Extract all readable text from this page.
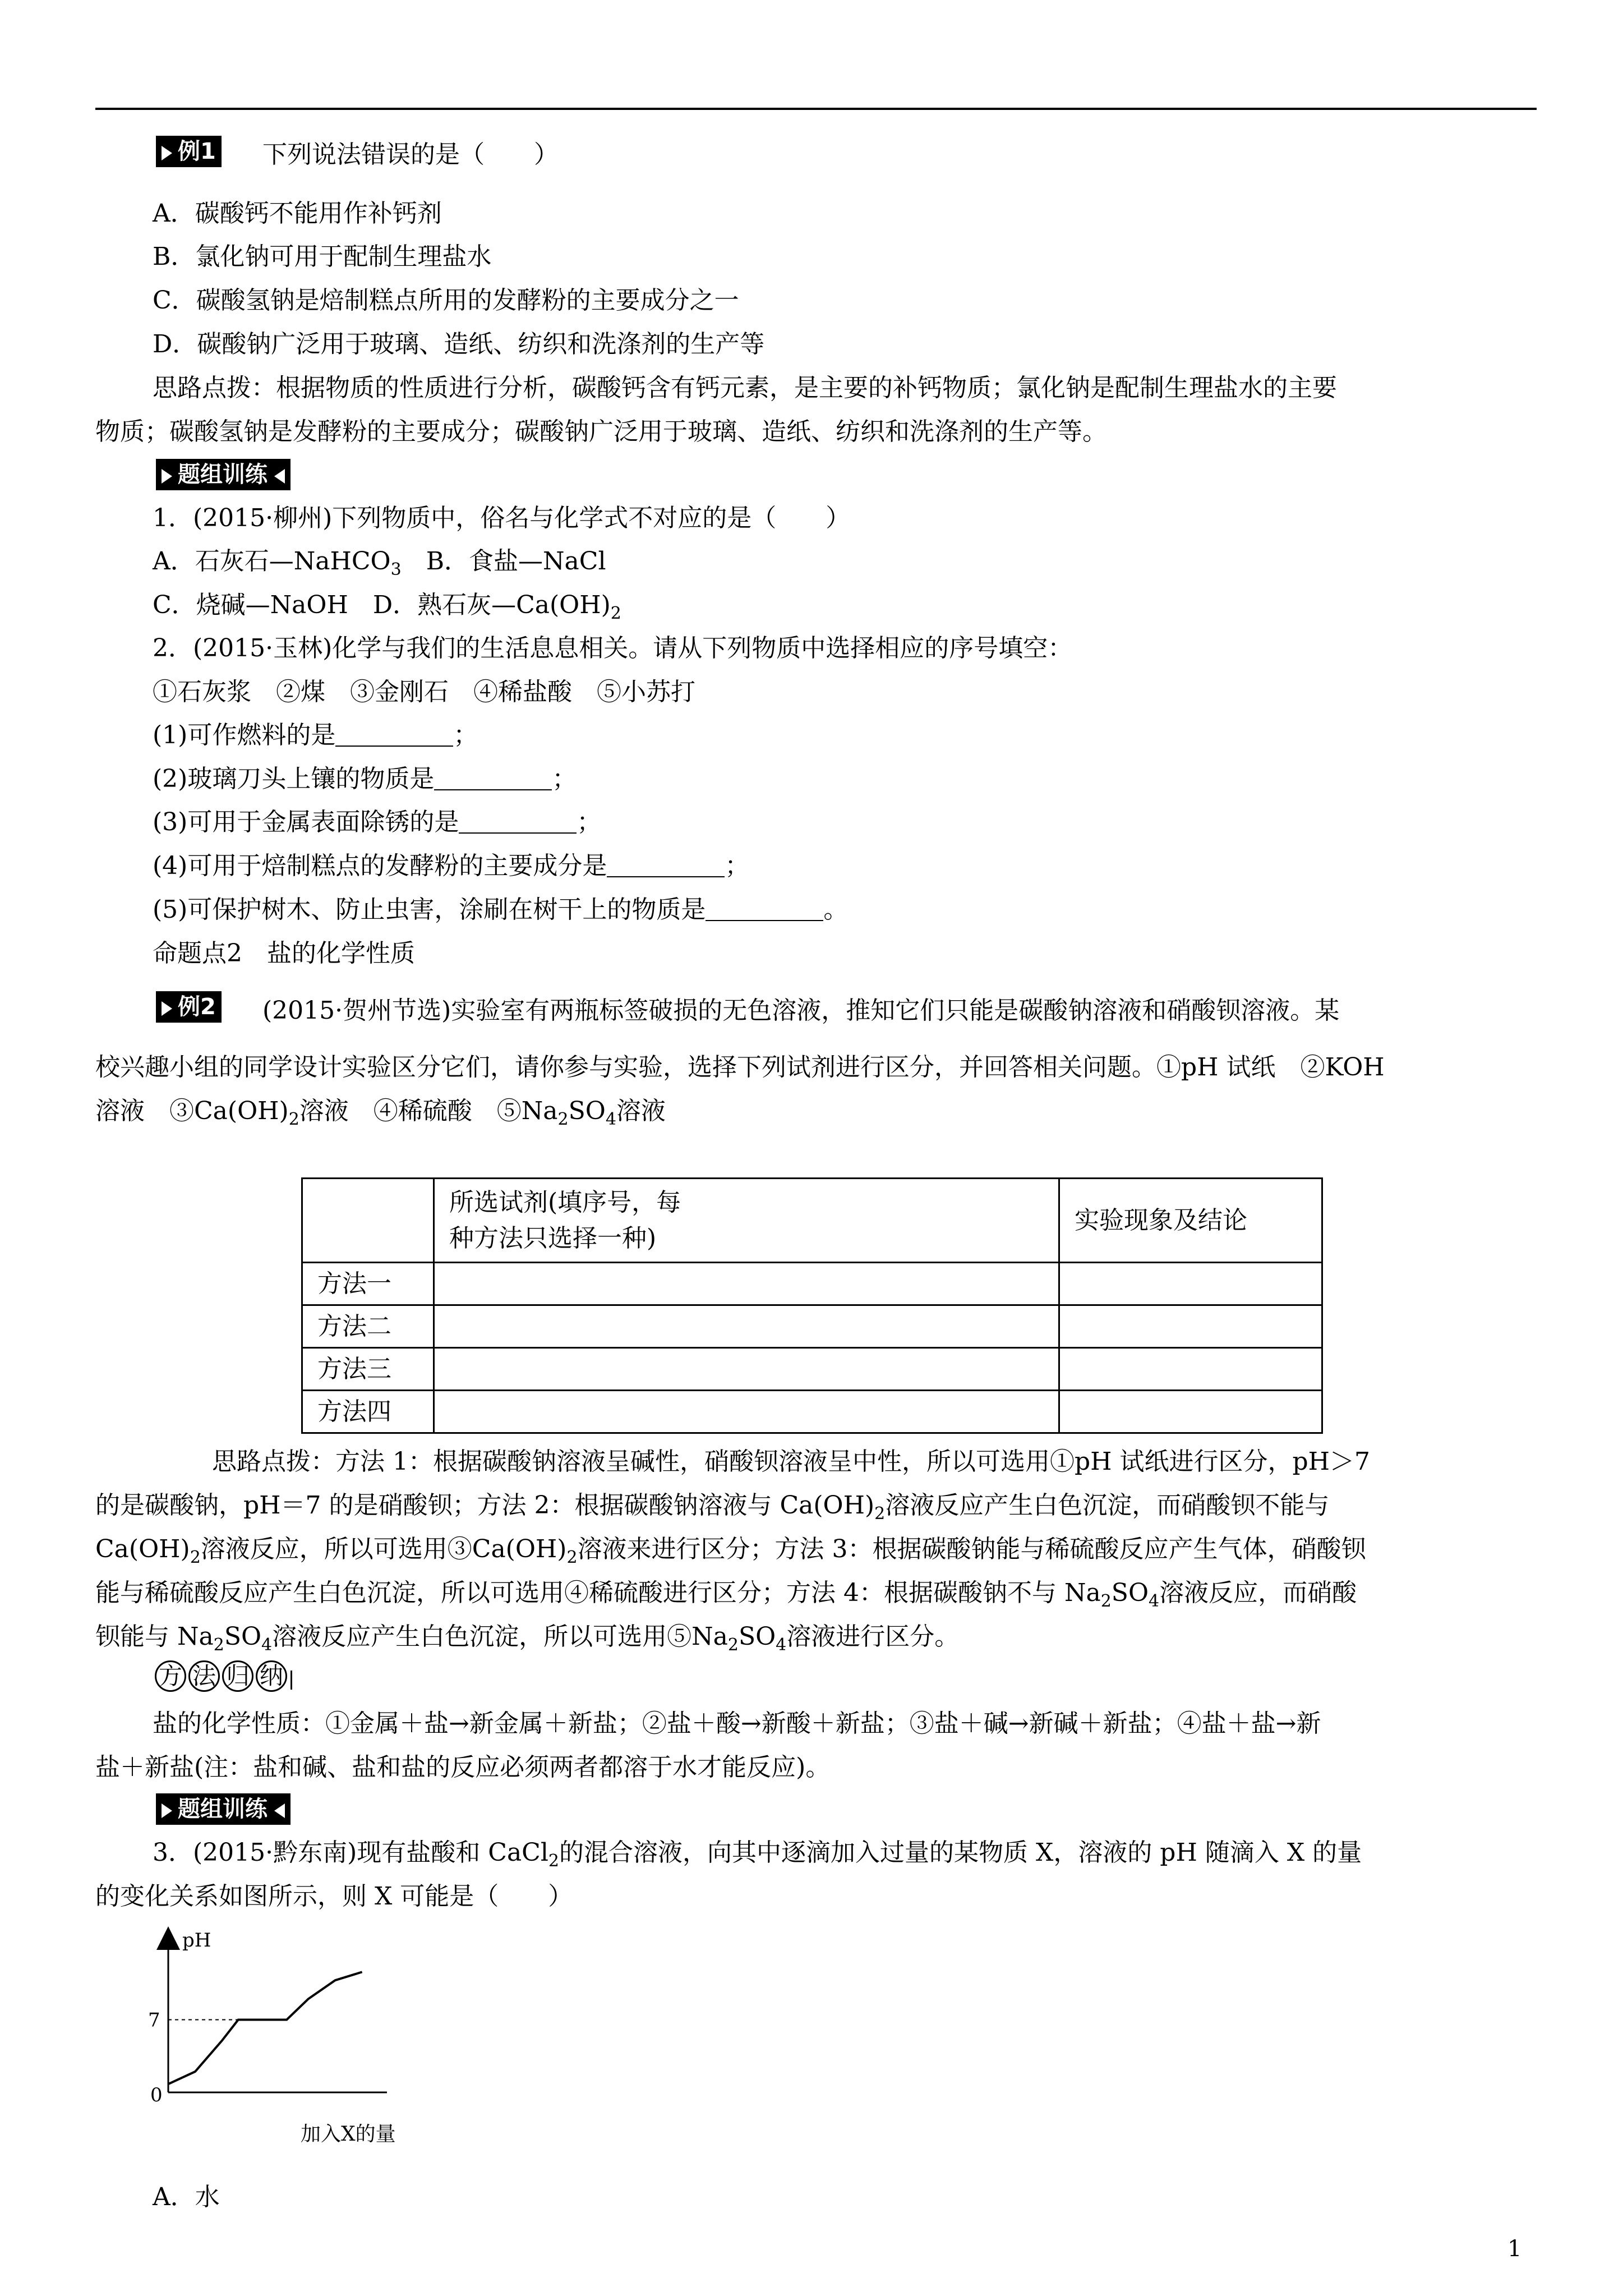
例1 下列说法错误的是（　　）
A．碳酸钙不能用作补钙剂
B．氯化钠可用于配制生理盐水
C．碳酸氢钠是焙制糕点所用的发酵粉的主要成分之一
D．碳酸钠广泛用于玻璃、造纸、纺织和洗涤剂的生产等
思路点拨：根据物质的性质进行分析，碳酸钙含有钙元素，是主要的补钙物质；氯化钠是配制生理盐水的主要
物质；碳酸氢钠是发酵粉的主要成分；碳酸钠广泛用于玻璃、造纸、纺织和洗涤剂的生产等。
题组训练
1．(2015·柳州)下列物质中，俗名与化学式不对应的是（　　）
A．石灰石—NaHCO$_3$　 B．食盐—NaCl
C．烧碱—NaOH　D．熟石灰$—Ca(OH)_2$
2．(2015·玉林)化学与我们的生活息息相关。请从下列物质中选择相应的序号填空：
①石灰浆　②煤　③金刚石　④稀盐酸　⑤小苏打
(1)可作燃料的是	；
(2)玻璃刀头上镶的物质是	；
(3)可用于金属表面除锈的是	；
(4)可用于焙制糕点的发酵粉的主要成分是	；
(5)可保护树木、防止虫害，涂刷在树干上的物质是	。
命题点2　盐的化学性质
例2 (2015·贺州节选)实验室有两瓶标签破损的无色溶液，推知它们只能是碳酸钠溶液和硝酸钡溶液。某
校兴趣小组的同学设计实验区分它们，请你参与实验，选择下列试剂进行区分，并回答相关问题。①pH 试纸　②KOH
溶液　$③Ca(OH)_2$溶液　④稀硫酸　$⑤Na_2SO_4$溶液

	所选试剂(填序号，每
种方法只选择一种)	实验现象及结论
方法一		
方法二		
方法三		
方法四		
思路点拨：方法 1：根据碳酸钠溶液呈碱性，硝酸钡溶液呈中性，所以可选用①pH 试纸进行区分，pH＞7
的是碳酸钠，pH＝7 的是硝酸钡；方法 2：根据碳酸钠溶液与 $Ca(OH)_2$溶液反应产生白色沉淀，而硝酸钡不能与
$Ca(OH)_2$溶液反应，所以可选用$③Ca(OH)_2$溶液来进行区分；方法 3：根据碳酸钠能与稀硫酸反应产生气体，硝酸钡
能与稀硫酸反应产生白色沉淀，所以可选用④稀硫酸进行区分；方法 4：根据碳酸钠不与 $Na_2SO_4$溶液反应，而硝酸
钡能与 $Na_2SO_4$溶液反应产生白色沉淀，所以可选用$⑤Na_2SO_4$溶液进行区分。
方 法 归 纳
盐的化学性质：①金属＋盐→新金属＋新盐；②盐＋酸→新酸＋新盐；③盐＋碱→新碱＋新盐；④盐＋盐→新
盐＋新盐(注：盐和碱、盐和盐的反应必须两者都溶于水才能反应)。
题组训练
3．(2015·黔东南)现有盐酸和 CaCl$_2$的混合溶液，向其中逐滴加入过量的某物质 X，溶液的 pH 随滴入 X 的量
的变化关系如图所示，则 X 可能是（　　）
pH
7
0
加入X的量
A．水
1
